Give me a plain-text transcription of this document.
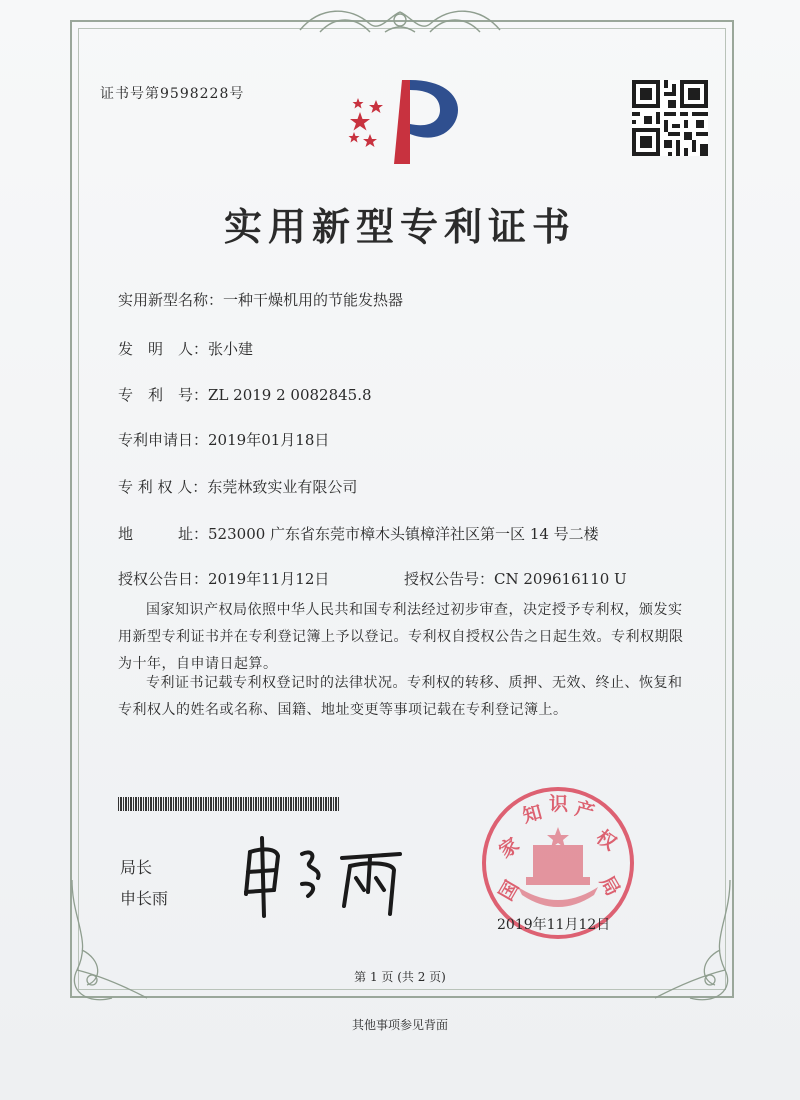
证书号第9598228号
实用新型专利证书
实用新型名称：一种干燥机用的节能发热器
发　明　人：张小建
专　利　号：ZL 2019 2 0082845.8
专利申请日：2019年01月18日
专 利 权 人：东莞林致实业有限公司
地　　　址：523000 广东省东莞市樟木头镇樟洋社区第一区 14 号二楼
授权公告日：2019年11月12日	授权公告号：CN 209616110 U
国家知识产权局依照中华人民共和国专利法经过初步审查，决定授予专利权，颁发实用新型专利证书并在专利登记簿上予以登记。专利权自授权公告之日起生效。专利权期限为十年，自申请日起算。
专利证书记载专利权登记时的法律状况。专利权的转移、质押、无效、终止、恢复和专利权人的姓名或名称、国籍、地址变更等事项记载在专利登记簿上。
局长
申长雨	国
家
知 识 产
权
局
2019年11月12日
第 1 页 (共 2 页)
其他事项参见背面
